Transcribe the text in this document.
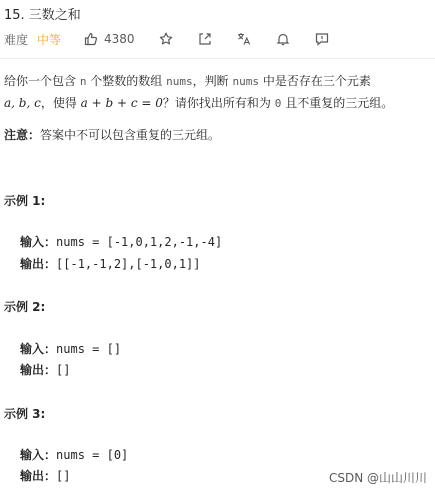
15. 三数之和
难度 中等	4380
给你一个包含 n 个整数的数组 nums，判断 nums 中是否存在三个元素
a, b, c，使得 a + b + c = 0？请你找出所有和为 0 且不重复的三元组。
注意：答案中不可以包含重复的三元组。
示例 1:
输入：nums = [-1,0,1,2,-1,-4]
输出：[[-1,-1,2],[-1,0,1]]
示例 2:
输入：nums = []
输出：[]
示例 3:
输入：nums = [0]
输出：[]	CSDN @山山川川
